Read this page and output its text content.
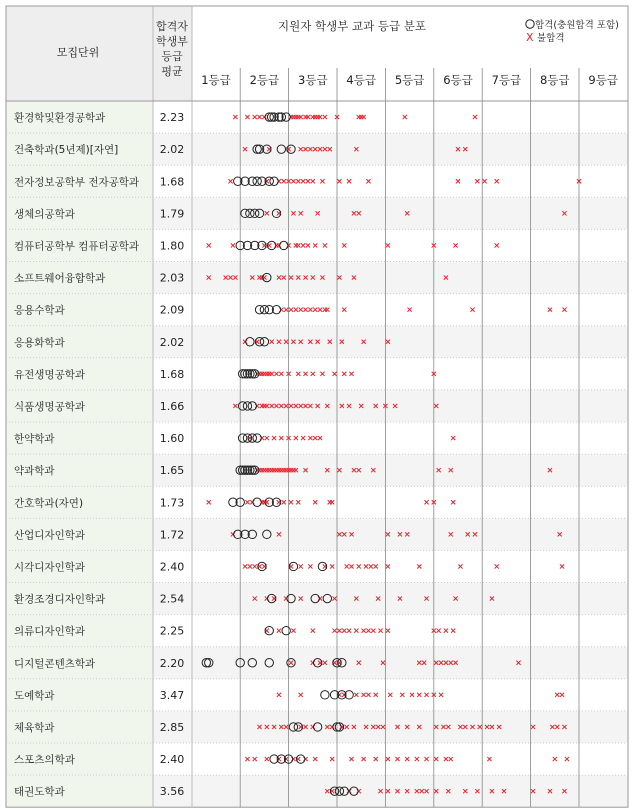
모집단위
합격자
학생부
등급
평균
지원자 학생부 교과 등급 분포	합격(충원합격 포함)
X 불합격
1등급 2등급 3등급 4등급 5등급 6등급 7등급 8등급 9등급
환경학및환경공학과	2.23
건축학과(5년제)[자연]	2.02
전자정보공학부 전자공학과 1.68
생체의공학과	1.79
컴퓨터공학부 컴퓨터공학과 1.80
소프트웨어융합학과	2.03
응용수학과	2.09
응용화학과	2.02
유전생명공학과	1.68
식품생명공학과	1.66
한약학과	1.60
약과학과	1.65
간호학과(자연)	1.73
산업디자인학과	1.72
시각디자인학과	2.40
환경조경디자인학과	2.54
의류디자인학과	2.25
디지털콘텐츠학과	2.20
도예학과	3.47
체육학과	2.85
스포츠의학과	2.40
태권도학과	3.56
